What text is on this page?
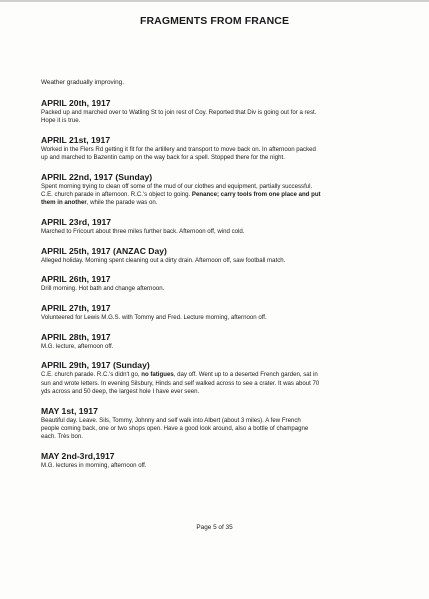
FRAGMENTS FROM FRANCE
Weather gradually improving.
APRIL 20th, 1917
Packed up and marched over to Watling St to join rest of Coy. Reported that Div is going out for a rest.
Hope it is true.
APRIL 21st, 1917
Worked in the Flers Rd getting it fit for the artillery and transport to move back on. In afternoon packed
up and marched to Bazentin camp on the way back for a spell. Stopped there for the night.
APRIL 22nd, 1917 (Sunday)
Spent morning trying to clean off some of the mud of our clothes and equipment, partially successful.
C.E. church parade in afternoon. R.C.'s object to going. Penance; carry tools from one place and put
them in another, while the parade was on.
APRIL 23rd, 1917
Marched to Fricourt about three miles further back. Afternoon off, wind cold.
APRIL 25th, 1917 (ANZAC Day)
Alleged holiday. Morning spent cleaning out a dirty drain. Afternoon off, saw football match.
APRIL 26th, 1917
Drill morning. Hot bath and change afternoon.
APRIL 27th, 1917
Volunteered for Lewis M.G.S. with Tommy and Fred. Lecture morning, afternoon off.
APRIL 28th, 1917
M.G. lecture, afternoon off.
APRIL 29th, 1917 (Sunday)
C.E. church parade. R.C.'s didn't go, no fatigues, day off. Went up to a deserted French garden, sat in
sun and wrote letters. In evening Silsbury, Hinds and self walked across to see a crater. It was about 70
yds across and 50 deep, the largest hole I have ever seen.
MAY 1st, 1917
Beautiful day. Leave. Sils, Tommy, Johnny and self walk into Albert (about 3 miles). A few French
people coming back, one or two shops open. Have a good look around, also a bottle of champagne
each. Très bon.
MAY 2nd-3rd,1917
M.G. lectures in morning, afternoon off.
Page 5 of 35
